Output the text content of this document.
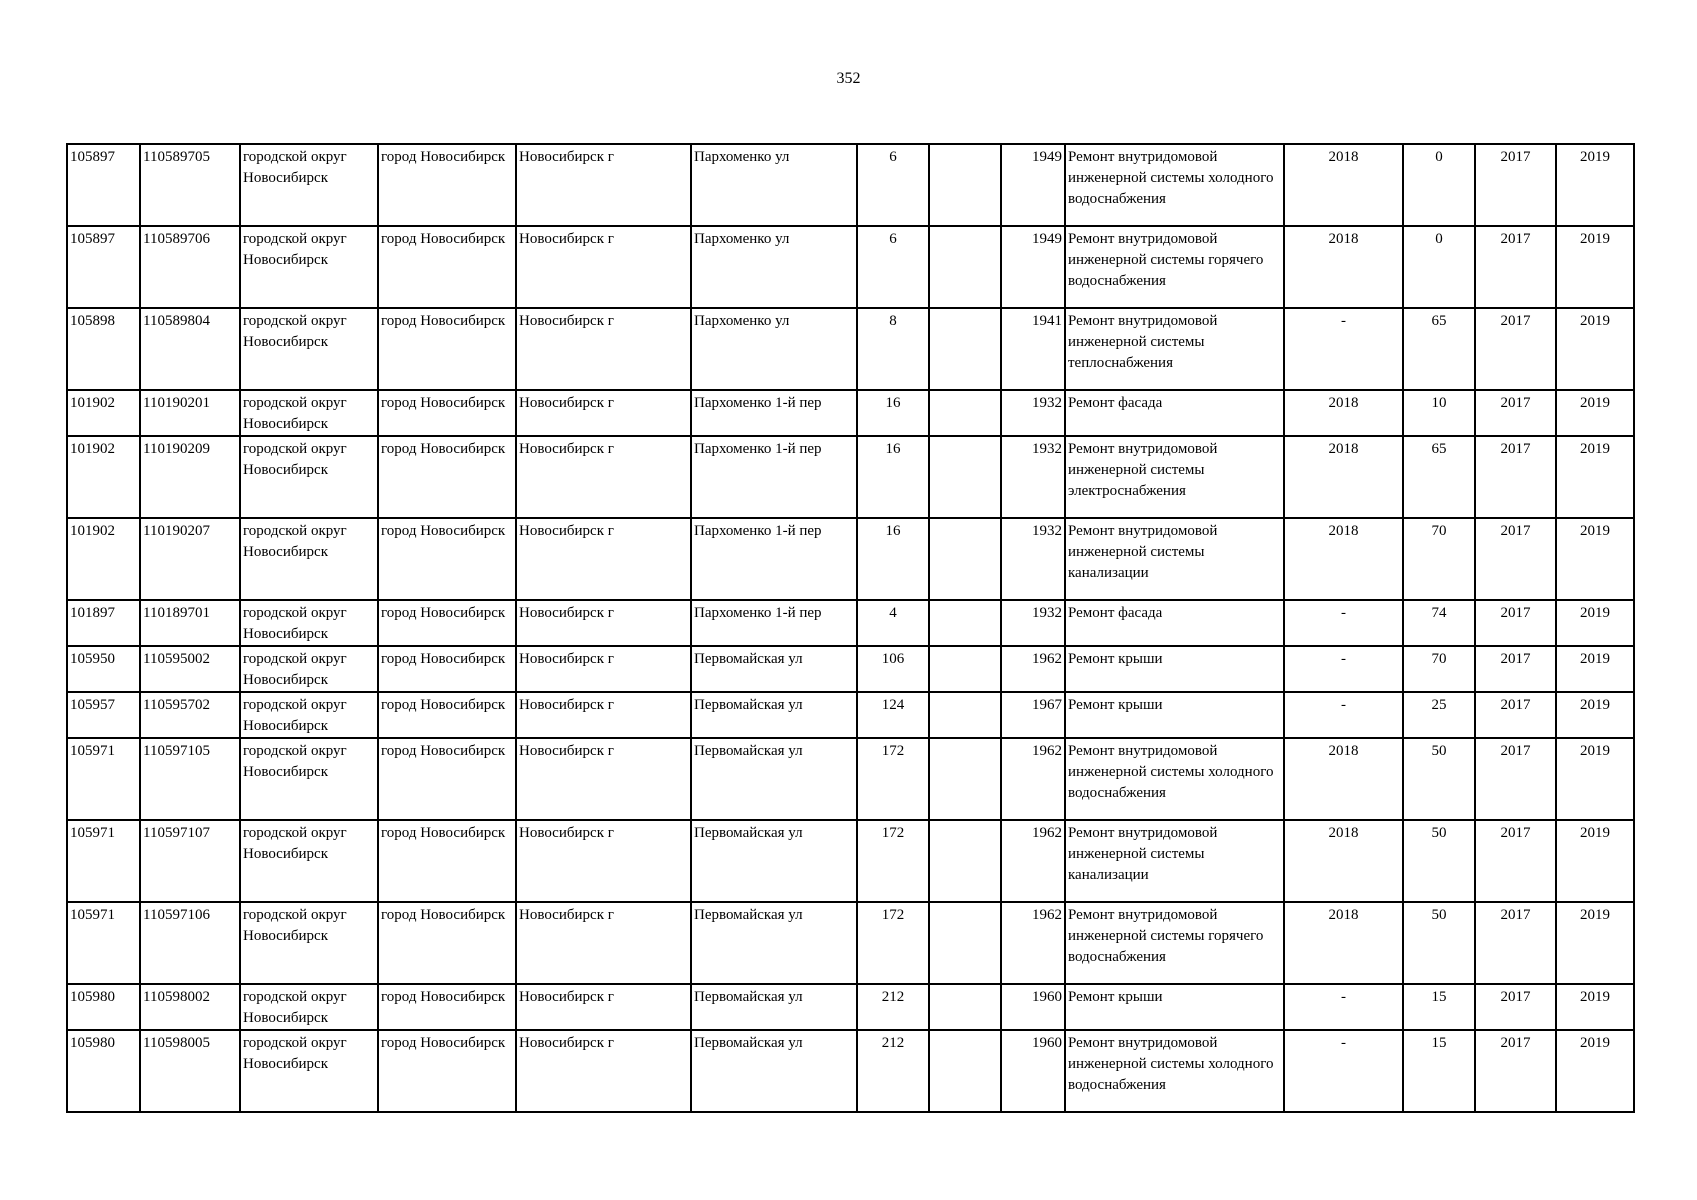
352
105897	110589705	городской округ Новосибирск	город Новосибирск	Новосибирск г	Пархоменко ул	6		1949	Ремонт внутридомовой инженерной системы холодного водоснабжения	2018	0	2017	2019
105897	110589706	городской округ Новосибирск	город Новосибирск	Новосибирск г	Пархоменко ул	6		1949	Ремонт внутридомовой инженерной системы горячего водоснабжения	2018	0	2017	2019
105898	110589804	городской округ Новосибирск	город Новосибирск	Новосибирск г	Пархоменко ул	8		1941	Ремонт внутридомовой инженерной системы теплоснабжения	-	65	2017	2019
101902	110190201	городской округ Новосибирск	город Новосибирск	Новосибирск г	Пархоменко 1-й пер	16		1932	Ремонт фасада	2018	10	2017	2019
101902	110190209	городской округ Новосибирск	город Новосибирск	Новосибирск г	Пархоменко 1-й пер	16		1932	Ремонт внутридомовой инженерной системы электроснабжения	2018	65	2017	2019
101902	110190207	городской округ Новосибирск	город Новосибирск	Новосибирск г	Пархоменко 1-й пер	16		1932	Ремонт внутридомовой инженерной системы канализации	2018	70	2017	2019
101897	110189701	городской округ Новосибирск	город Новосибирск	Новосибирск г	Пархоменко 1-й пер	4		1932	Ремонт фасада	-	74	2017	2019
105950	110595002	городской округ Новосибирск	город Новосибирск	Новосибирск г	Первомайская ул	106		1962	Ремонт крыши	-	70	2017	2019
105957	110595702	городской округ Новосибирск	город Новосибирск	Новосибирск г	Первомайская ул	124		1967	Ремонт крыши	-	25	2017	2019
105971	110597105	городской округ Новосибирск	город Новосибирск	Новосибирск г	Первомайская ул	172		1962	Ремонт внутридомовой инженерной системы холодного водоснабжения	2018	50	2017	2019
105971	110597107	городской округ Новосибирск	город Новосибирск	Новосибирск г	Первомайская ул	172		1962	Ремонт внутридомовой инженерной системы канализации	2018	50	2017	2019
105971	110597106	городской округ Новосибирск	город Новосибирск	Новосибирск г	Первомайская ул	172		1962	Ремонт внутридомовой инженерной системы горячего водоснабжения	2018	50	2017	2019
105980	110598002	городской округ Новосибирск	город Новосибирск	Новосибирск г	Первомайская ул	212		1960	Ремонт крыши	-	15	2017	2019
105980	110598005	городской округ Новосибирск	город Новосибирск	Новосибирск г	Первомайская ул	212		1960	Ремонт внутридомовой инженерной системы холодного водоснабжения	-	15	2017	2019
